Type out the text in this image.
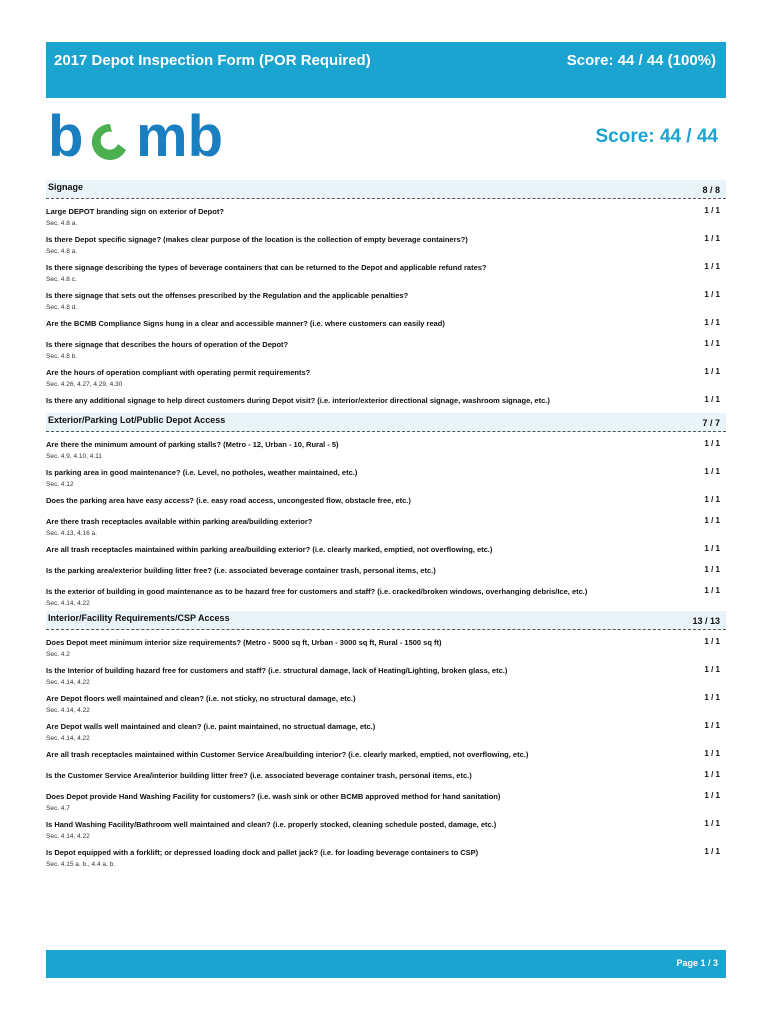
2017 Depot Inspection Form (POR Required)	Score: 44 / 44 (100%)
b mb	Score: 44 / 44
Signage	8 / 8
Large DEPOT branding sign on exterior of Depot?	1 / 1
Sec. 4.8 a.
Is there Depot specific signage? (makes clear purpose of the location is the collection of empty beverage containers?)	1 / 1
Sec. 4.8 a.
Is there signage describing the types of beverage containers that can be returned to the Depot and applicable refund rates?	1 / 1
Sec. 4.8 c.
Is there signage that sets out the offenses prescribed by the Regulation and the applicable penalties?	1 / 1
Sec. 4.8 d.
Are the BCMB Compliance Signs hung in a clear and accessible manner? (i.e. where customers can easily read)	1 / 1
Is there signage that describes the hours of operation of the Depot?	1 / 1
Sec. 4.8 b.
Are the hours of operation compliant with operating permit requirements?	1 / 1
Sec. 4.26, 4.27, 4.29, 4.30
Is there any additional signage to help direct customers during Depot visit? (i.e. interior/exterior directional signage, washroom signage, etc.)	1 / 1
Exterior/Parking Lot/Public Depot Access	7 / 7
Are there the minimum amount of parking stalls? (Metro - 12, Urban - 10, Rural - 5)	1 / 1
Sec. 4.9, 4.10, 4.11
Is parking area in good maintenance? (i.e. Level, no potholes, weather maintained, etc.)	1 / 1
Sec. 4.12
Does the parking area have easy access? (i.e. easy road access, uncongested flow, obstacle free, etc.)	1 / 1
Are there trash receptacles available within parking area/building exterior?	1 / 1
Sec. 4.13, 4.16 a.
Are all trash receptacles maintained within parking area/building exterior? (i.e. clearly marked, emptied, not overflowing, etc.)	1 / 1
Is the parking area/exterior building litter free? (i.e. associated beverage container trash, personal items, etc.)	1 / 1
Is the exterior of building in good maintenance as to be hazard free for customers and staff? (i.e. cracked/broken windows, overhanging debris/Ice, etc.)	1 / 1
Sec. 4.14, 4.22
Interior/Facility Requirements/CSP Access	13 / 13
Does Depot meet minimum interior size requirements? (Metro - 5000 sq ft, Urban - 3000 sq ft, Rural - 1500 sq ft)	1 / 1
Sec. 4.2
Is the Interior of building hazard free for customers and staff? (i.e. structural damage, lack of Heating/Lighting, broken glass, etc.)	1 / 1
Sec. 4.14, 4.22
Are Depot floors well maintained and clean? (i.e. not sticky, no structural damage, etc.)	1 / 1
Sec. 4.14, 4.22
Are Depot walls well maintained and clean? (i.e. paint maintained, no structual damage, etc.)	1 / 1
Sec. 4.14, 4.22
Are all trash receptacles maintained within Customer Service Area/building interior? (i.e. clearly marked, emptied, not overflowing, etc.)	1 / 1
Is the Customer Service Area/interior building litter free? (i.e. associated beverage container trash, personal items, etc.)	1 / 1
Does Depot provide Hand Washing Facility for customers? (i.e. wash sink or other BCMB approved method for hand sanitation)	1 / 1
Sec. 4.7
Is Hand Washing Facility/Bathroom well maintained and clean? (i.e. properly stocked, cleaning schedule posted, damage, etc.)	1 / 1
Sec. 4.14, 4.22
Is Depot equipped with a forklift; or depressed loading dock and pallet jack? (i.e. for loading beverage containers to CSP)	1 / 1
Sec. 4.15 a. b., 4.4 a. b.
Page 1 / 3
